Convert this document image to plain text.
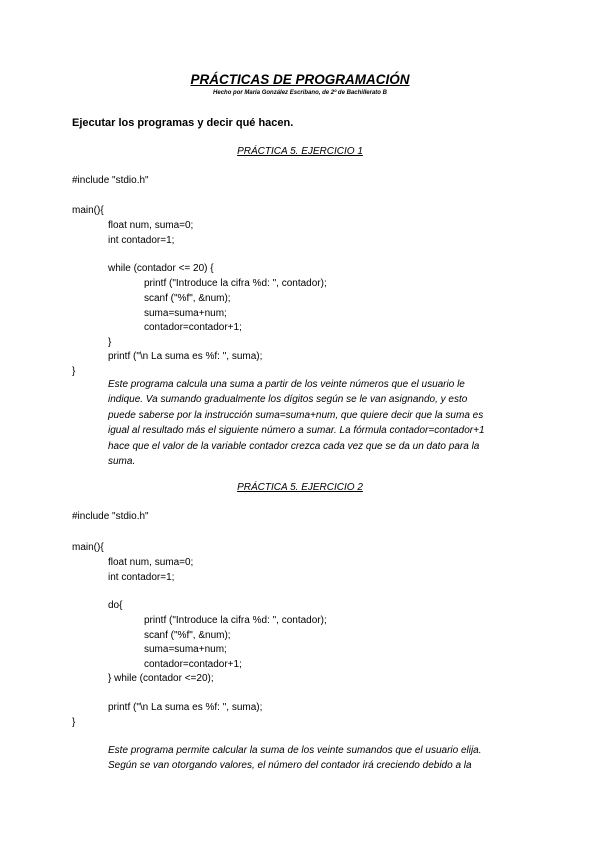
PRÁCTICAS DE PROGRAMACIÓN
Hecho por María González Escribano, de 2º de Bachillerato B
Ejecutar los programas y decir qué hacen.
PRÁCTICA 5. EJERCICIO 1
#include "stdio.h"
main(){
float num, suma=0;
int contador=1;
while (contador <= 20) {
printf ("Introduce la cifra %d: ", contador);
scanf ("%f", &num);
suma=suma+num;
contador=contador+1;
}
printf ("\n La suma es %f: ", suma);
}

Este programa calcula una suma a partir de los veinte números que el usuario le
indique. Va sumando gradualmente los dígitos según se le van asignando, y esto
puede saberse por la instrucción suma=suma+num, que quiere decir que la suma es
igual al resultado más el siguiente número a sumar. La fórmula contador=contador+1
hace que el valor de la variable contador crezca cada vez que se da un dato para la
suma.

PRÁCTICA 5. EJERCICIO 2
#include "stdio.h"
main(){
float num, suma=0;
int contador=1;
do{
printf ("Introduce la cifra %d: ", contador);
scanf ("%f", &num);
suma=suma+num;
contador=contador+1;
} while (contador <=20);
printf ("\n La suma es %f: ", suma);
}

Este programa permite calcular la suma de los veinte sumandos que el usuario elija.
Según se van otorgando valores, el número del contador irá creciendo debido a la
